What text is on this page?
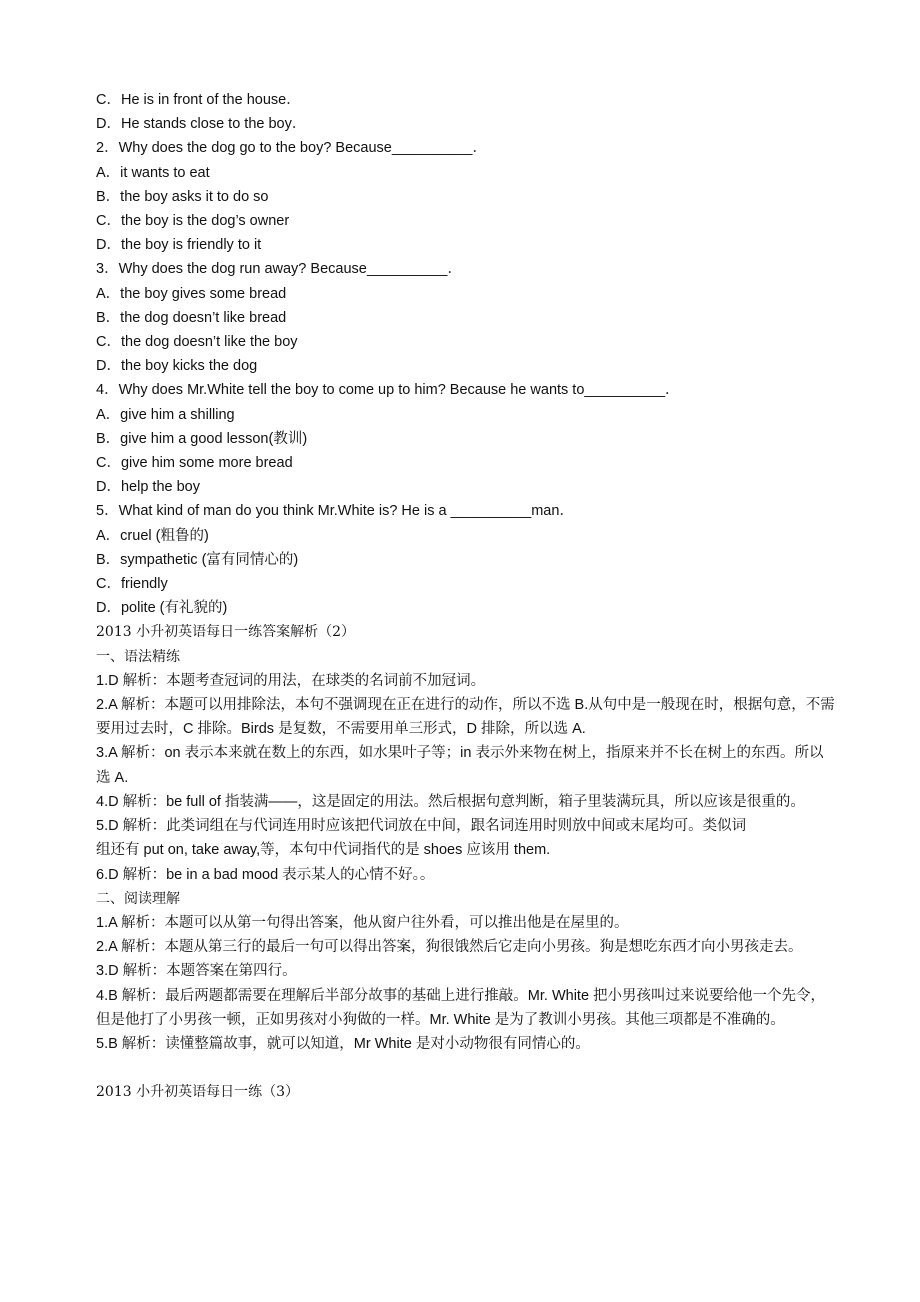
C．He is in front of the house．
D．He stands close to the boy．
2．Why does the dog go to the boy? Because__________．
A．it wants to eat
B．the boy asks it to do so
C．the boy is the dog’s owner
D．the boy is friendly to it
3．Why does the dog run away? Because__________．
A．the boy gives some bread
B．the dog doesn’t like bread
C．the dog doesn’t like the boy
D．the boy kicks the dog
4．Why does Mr.White tell the boy to come up to him? Because he wants to__________．
A．give him a shilling
B．give him a good lesson(教训)
C．give him some more bread
D．help the boy
5．What kind of man do you think Mr.White is? He is a __________man．
A．cruel (粗鲁的)
B．sympathetic (富有同情心的)
C．friendly
D．polite (有礼貌的)
2013 小升初英语每日一练答案解析（2）
一、语法精练
1.D 解析：本题考查冠词的用法，在球类的名词前不加冠词。
2.A 解析：本题可以用排除法，本句不强调现在正在进行的动作，所以不选 B.从句中是一般现在时，根据句意，不需要用过去时，C 排除。Birds 是复数，不需要用单三形式，D 排除，所以选 A.
3.A 解析：on 表示本来就在数上的东西，如水果叶子等；in 表示外来物在树上，指原来并不长在树上的东西。所以选 A.
4.D 解析：be full of 指装满——，这是固定的用法。然后根据句意判断，箱子里装满玩具，所以应该是很重的。
5.D 解析：此类词组在与代词连用时应该把代词放在中间，跟名词连用时则放中间或末尾均可。类似词
组还有 put on, take away,等，本句中代词指代的是 shoes 应该用 them.
6.D 解析：be in a bad mood 表示某人的心情不好。。
二、阅读理解
1.A 解析：本题可以从第一句得出答案，他从窗户往外看，可以推出他是在屋里的。
2.A 解析：本题从第三行的最后一句可以得出答案，狗很饿然后它走向小男孩。狗是想吃东西才向小男孩走去。
3.D 解析：本题答案在第四行。
4.B 解析：最后两题都需要在理解后半部分故事的基础上进行推敲。Mr. White 把小男孩叫过来说要给他一个先令，但是他打了小男孩一顿，正如男孩对小狗做的一样。Mr. White 是为了教训小男孩。其他三项都是不准确的。
5.B 解析：读懂整篇故事，就可以知道，Mr White 是对小动物很有同情心的。
2013 小升初英语每日一练（3）
